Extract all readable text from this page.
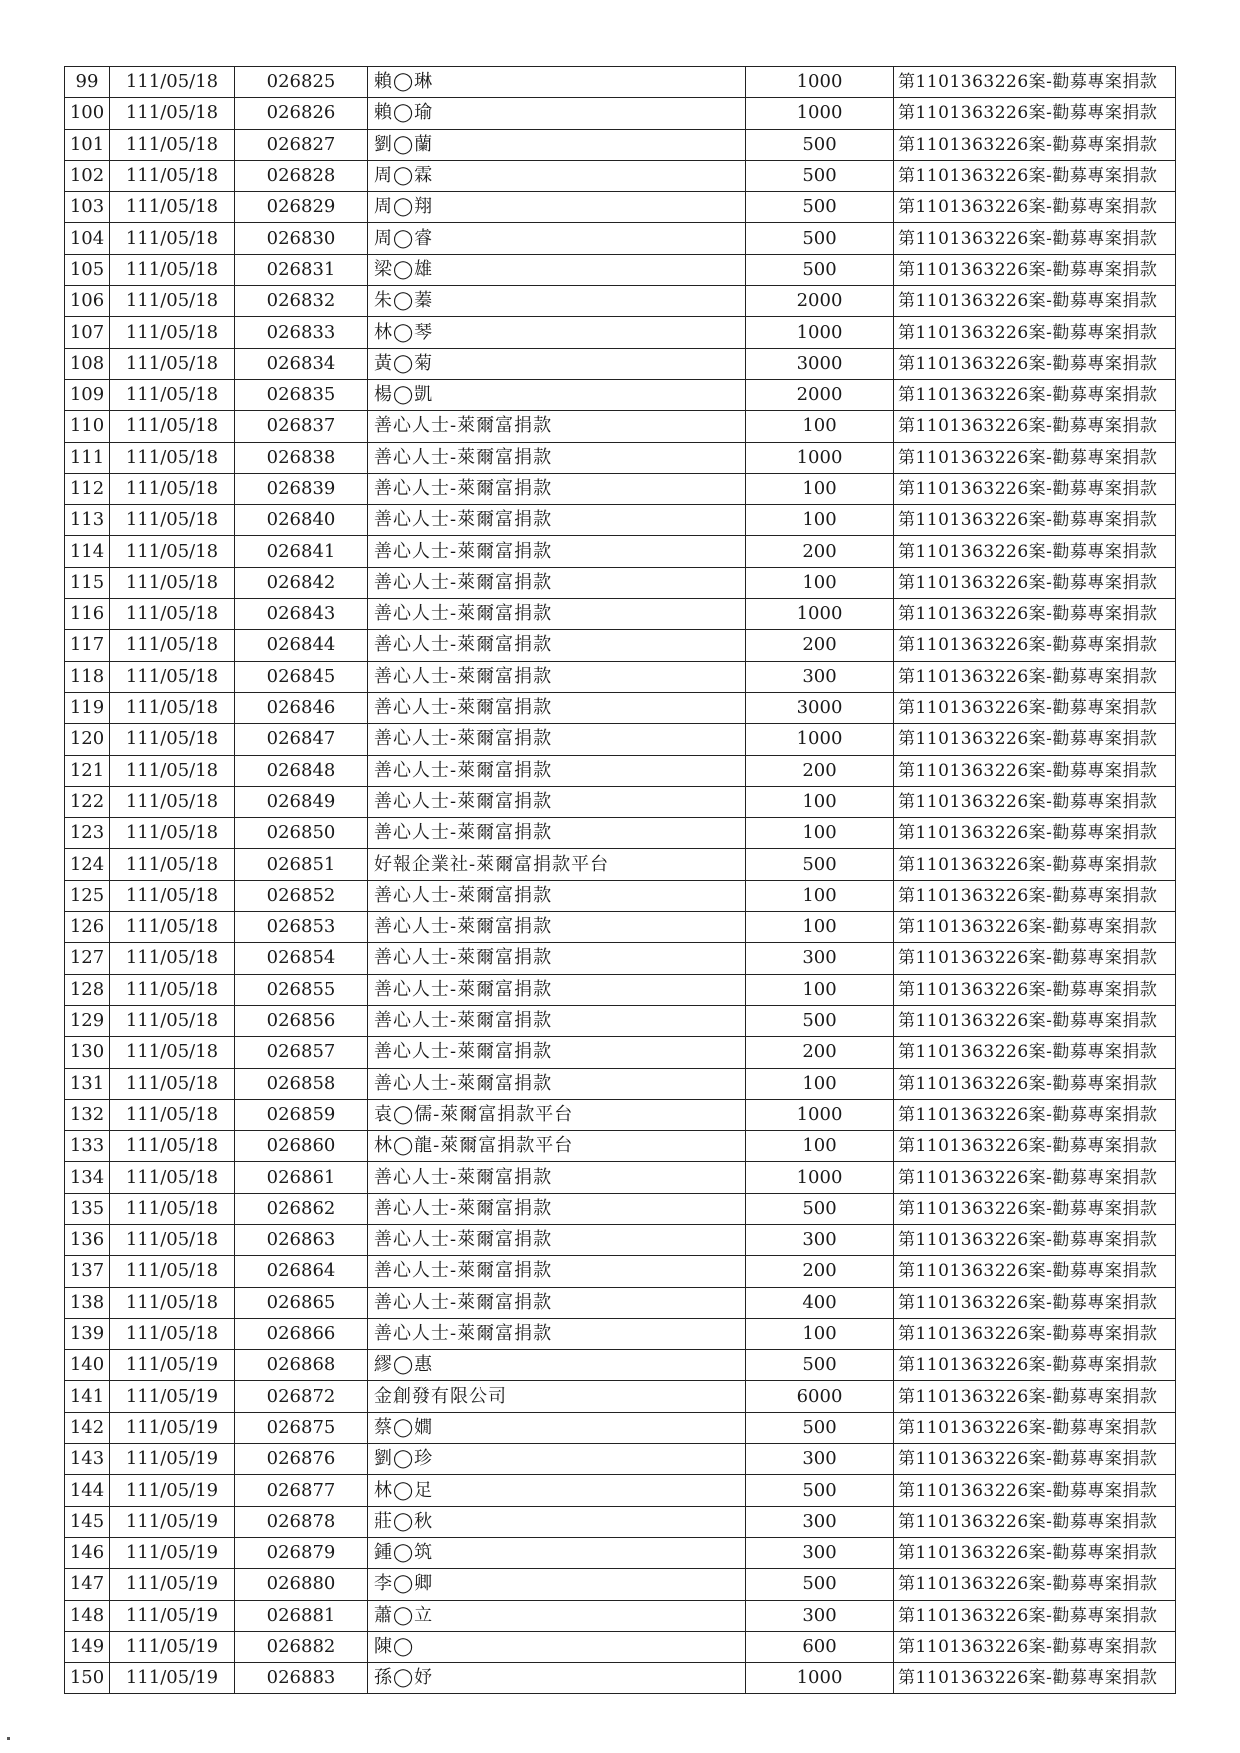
99	111/05/18	026825	賴◯琳	1000	第1101363226案-勸募專案捐款
100	111/05/18	026826	賴◯瑜	1000	第1101363226案-勸募專案捐款
101	111/05/18	026827	劉◯蘭	500	第1101363226案-勸募專案捐款
102	111/05/18	026828	周◯霖	500	第1101363226案-勸募專案捐款
103	111/05/18	026829	周◯翔	500	第1101363226案-勸募專案捐款
104	111/05/18	026830	周◯睿	500	第1101363226案-勸募專案捐款
105	111/05/18	026831	梁◯雄	500	第1101363226案-勸募專案捐款
106	111/05/18	026832	朱◯蓁	2000	第1101363226案-勸募專案捐款
107	111/05/18	026833	林◯琴	1000	第1101363226案-勸募專案捐款
108	111/05/18	026834	黃◯菊	3000	第1101363226案-勸募專案捐款
109	111/05/18	026835	楊◯凱	2000	第1101363226案-勸募專案捐款
110	111/05/18	026837	善心人士-萊爾富捐款	100	第1101363226案-勸募專案捐款
111	111/05/18	026838	善心人士-萊爾富捐款	1000	第1101363226案-勸募專案捐款
112	111/05/18	026839	善心人士-萊爾富捐款	100	第1101363226案-勸募專案捐款
113	111/05/18	026840	善心人士-萊爾富捐款	100	第1101363226案-勸募專案捐款
114	111/05/18	026841	善心人士-萊爾富捐款	200	第1101363226案-勸募專案捐款
115	111/05/18	026842	善心人士-萊爾富捐款	100	第1101363226案-勸募專案捐款
116	111/05/18	026843	善心人士-萊爾富捐款	1000	第1101363226案-勸募專案捐款
117	111/05/18	026844	善心人士-萊爾富捐款	200	第1101363226案-勸募專案捐款
118	111/05/18	026845	善心人士-萊爾富捐款	300	第1101363226案-勸募專案捐款
119	111/05/18	026846	善心人士-萊爾富捐款	3000	第1101363226案-勸募專案捐款
120	111/05/18	026847	善心人士-萊爾富捐款	1000	第1101363226案-勸募專案捐款
121	111/05/18	026848	善心人士-萊爾富捐款	200	第1101363226案-勸募專案捐款
122	111/05/18	026849	善心人士-萊爾富捐款	100	第1101363226案-勸募專案捐款
123	111/05/18	026850	善心人士-萊爾富捐款	100	第1101363226案-勸募專案捐款
124	111/05/18	026851	好報企業社-萊爾富捐款平台	500	第1101363226案-勸募專案捐款
125	111/05/18	026852	善心人士-萊爾富捐款	100	第1101363226案-勸募專案捐款
126	111/05/18	026853	善心人士-萊爾富捐款	100	第1101363226案-勸募專案捐款
127	111/05/18	026854	善心人士-萊爾富捐款	300	第1101363226案-勸募專案捐款
128	111/05/18	026855	善心人士-萊爾富捐款	100	第1101363226案-勸募專案捐款
129	111/05/18	026856	善心人士-萊爾富捐款	500	第1101363226案-勸募專案捐款
130	111/05/18	026857	善心人士-萊爾富捐款	200	第1101363226案-勸募專案捐款
131	111/05/18	026858	善心人士-萊爾富捐款	100	第1101363226案-勸募專案捐款
132	111/05/18	026859	袁◯儒-萊爾富捐款平台	1000	第1101363226案-勸募專案捐款
133	111/05/18	026860	林◯龍-萊爾富捐款平台	100	第1101363226案-勸募專案捐款
134	111/05/18	026861	善心人士-萊爾富捐款	1000	第1101363226案-勸募專案捐款
135	111/05/18	026862	善心人士-萊爾富捐款	500	第1101363226案-勸募專案捐款
136	111/05/18	026863	善心人士-萊爾富捐款	300	第1101363226案-勸募專案捐款
137	111/05/18	026864	善心人士-萊爾富捐款	200	第1101363226案-勸募專案捐款
138	111/05/18	026865	善心人士-萊爾富捐款	400	第1101363226案-勸募專案捐款
139	111/05/18	026866	善心人士-萊爾富捐款	100	第1101363226案-勸募專案捐款
140	111/05/19	026868	繆◯惠	500	第1101363226案-勸募專案捐款
141	111/05/19	026872	金創發有限公司	6000	第1101363226案-勸募專案捐款
142	111/05/19	026875	蔡◯嫺	500	第1101363226案-勸募專案捐款
143	111/05/19	026876	劉◯珍	300	第1101363226案-勸募專案捐款
144	111/05/19	026877	林◯足	500	第1101363226案-勸募專案捐款
145	111/05/19	026878	莊◯秋	300	第1101363226案-勸募專案捐款
146	111/05/19	026879	鍾◯筑	300	第1101363226案-勸募專案捐款
147	111/05/19	026880	李◯卿	500	第1101363226案-勸募專案捐款
148	111/05/19	026881	蕭◯立	300	第1101363226案-勸募專案捐款
149	111/05/19	026882	陳◯	600	第1101363226案-勸募專案捐款
150	111/05/19	026883	孫◯妤	1000	第1101363226案-勸募專案捐款
